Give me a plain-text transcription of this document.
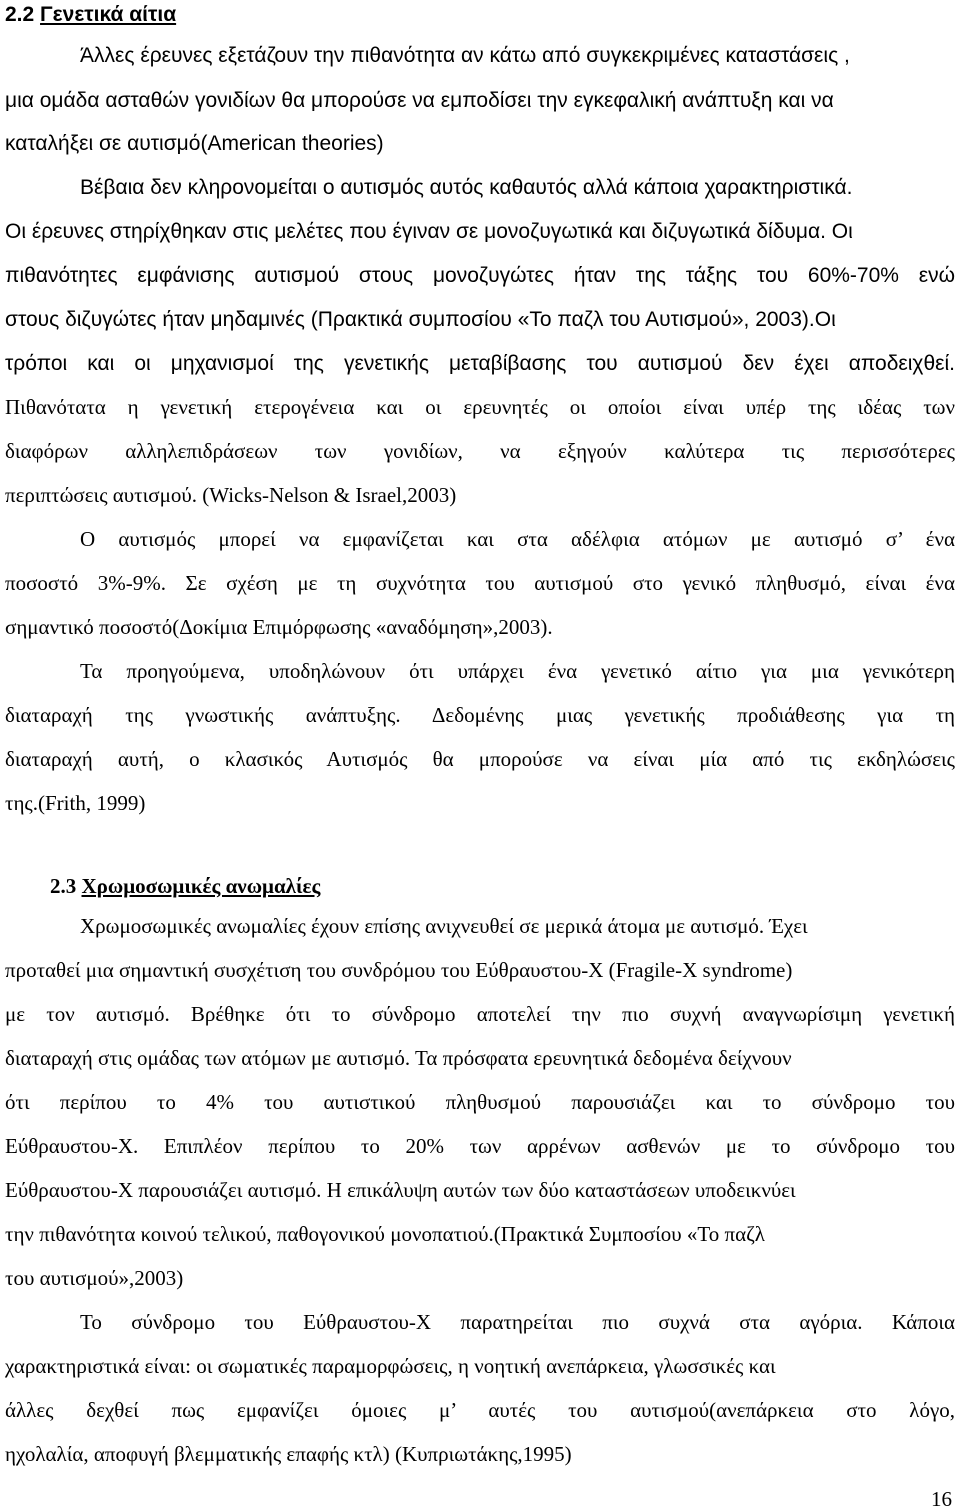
2.2 Γενετικά αίτια
Άλλες έρευνες εξετάζουν την πιθανότητα αν κάτω από συγκεκριμένες καταστάσεις ,
μια ομάδα ασταθών γονιδίων θα μπορούσε να εμποδίσει την εγκεφαλική ανάπτυξη και να
καταλήξει σε αυτισμό(American theories)
Βέβαια δεν κληρονομείται ο αυτισμός αυτός καθαυτός αλλά κάποια χαρακτηριστικά.
Οι έρευνες στηρίχθηκαν στις μελέτες που έγιναν σε μονοζυγωτικά και διζυγωτικά δίδυμα. Οι
πιθανότητες εμφάνισης αυτισμού στους μονοζυγώτες ήταν της τάξης του 60%-70% ενώ
στους διζυγώτες ήταν μηδαμινές (Πρακτικά συμποσίου «Το παζλ του Αυτισμού», 2003).Οι
τρόποι και οι μηχανισμοί της γενετικής μεταβίβασης του αυτισμού δεν έχει αποδειχθεί.
Πιθανότατα η γενετική ετερογένεια και οι ερευνητές οι οποίοι είναι υπέρ της ιδέας των
διαφόρων αλληλεπιδράσεων των γονιδίων, να εξηγούν καλύτερα τις περισσότερες
περιπτώσεις αυτισμού. (Wicks-Nelson & Israel,2003)
Ο αυτισμός μπορεί να εμφανίζεται και στα αδέλφια ατόμων με αυτισμό σ’ ένα
ποσοστό 3%-9%. Σε σχέση με τη συχνότητα του αυτισμού στο γενικό πληθυσμό, είναι ένα
σημαντικό ποσοστό(Δοκίμια Επιμόρφωσης «αναδόμηση»,2003).
Τα προηγούμενα, υποδηλώνουν ότι υπάρχει ένα γενετικό αίτιο για μια γενικότερη
διαταραχή της γνωστικής ανάπτυξης. Δεδομένης μιας γενετικής προδιάθεσης για τη
διαταραχή αυτή, ο κλασικός Αυτισμός θα μπορούσε να είναι μία από τις εκδηλώσεις
της.(Frith, 1999)
2.3 Χρωμοσωμικές ανωμαλίες
Χρωμοσωμικές ανωμαλίες έχουν επίσης ανιχνευθεί σε μερικά άτομα με αυτισμό. Έχει
προταθεί μια σημαντική συσχέτιση του συνδρόμου του Εύθραυστου-Χ (Fragile-X syndrome)
με τον αυτισμό. Βρέθηκε ότι το σύνδρομο αποτελεί την πιο συχνή αναγνωρίσιμη γενετική
διαταραχή στις ομάδας των ατόμων με αυτισμό. Τα πρόσφατα ερευνητικά δεδομένα δείχνουν
ότι περίπου το 4% του αυτιστικού πληθυσμού παρουσιάζει και το σύνδρομο του
Εύθραυστου-Χ. Επιπλέον περίπου το 20% των αρρένων ασθενών με το σύνδρομο του
Εύθραυστου-Χ παρουσιάζει αυτισμό. Η επικάλυψη αυτών των δύο καταστάσεων υποδεικνύει
την πιθανότητα κοινού τελικού, παθογονικού μονοπατιού.(Πρακτικά Συμποσίου «Το παζλ
του αυτισμού»,2003)
Το σύνδρομο του Εύθραυστου-Χ παρατηρείται πιο συχνά στα αγόρια. Κάποια
χαρακτηριστικά είναι: οι σωματικές παραμορφώσεις, η νοητική ανεπάρκεια, γλωσσικές και
άλλες δεχθεί πως εμφανίζει όμοιες μ’ αυτές του αυτισμού(ανεπάρκεια στο λόγο,
ηχολαλία, αποφυγή βλεμματικής επαφής κτλ) (Κυπριωτάκης,1995)
16
